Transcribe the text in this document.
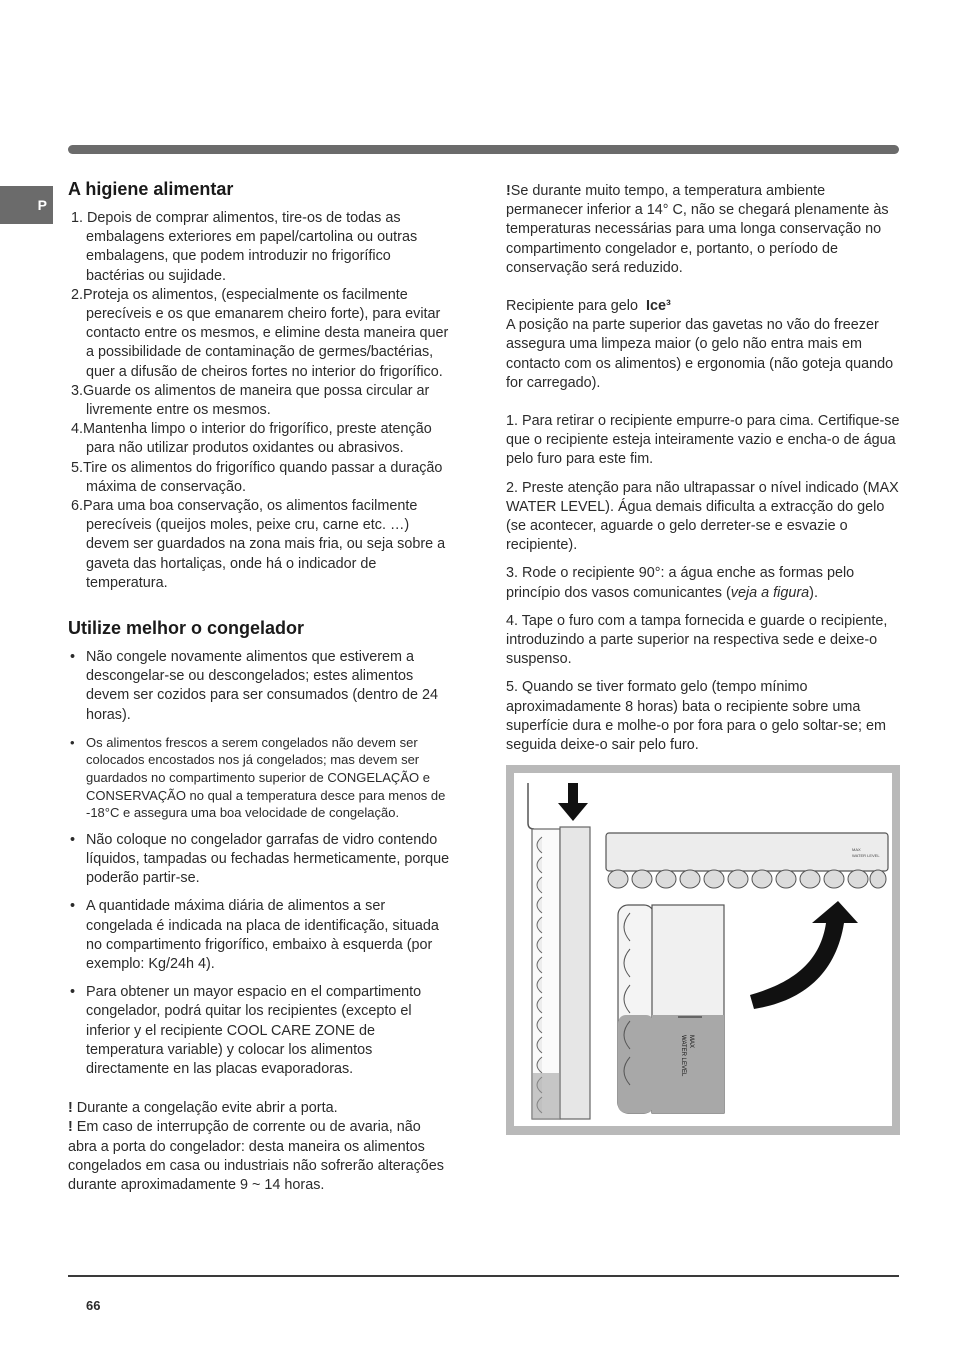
P
A higiene alimentar
1. Depois de comprar alimentos, tire-os de todas as embalagens exteriores em papel/cartolina ou outras embalagens, que podem introduzir no frigorífico bactérias ou sujidade.
2.Proteja os alimentos, (especialmente os facilmente perecíveis e os que emanarem cheiro forte), para evitar contacto entre os mesmos, e elimine desta maneira quer a possibilidade de contaminação de germes/bactérias, quer a difusão de cheiros fortes no interior do frigorífico.
3.Guarde os alimentos de maneira que possa circular ar livremente entre os mesmos.
4.Mantenha limpo o interior do frigorífico, preste atenção para não utilizar produtos oxidantes ou abrasivos.
5.Tire os alimentos do frigorífico quando passar a duração máxima de conservação.
6.Para uma boa conservação, os alimentos facilmente perecíveis (queijos moles, peixe cru, carne etc. …) devem ser guardados na zona mais fria, ou seja sobre a gaveta das hortaliças, onde há o indicador de temperatura.
Utilize melhor o congelador
• Não congele novamente alimentos que estiverem a descongelar-se ou descongelados; estes alimentos devem ser cozidos para ser consumados (dentro de 24 horas).
• Os alimentos frescos a serem congelados não devem ser colocados encostados nos já congelados; mas devem ser guardados no compartimento superior de CONGELAÇÃO e CONSERVAÇÃO no qual a temperatura desce para menos de -18°C e assegura uma boa velocidade de congelação.
• Não coloque no congelador garrafas de vidro contendo líquidos, tampadas ou fechadas hermeticamente, porque poderão partir-se.
• A quantidade máxima diária de alimentos a ser congelada é indicada na placa de identificação, situada no compartimento frigorífico, embaixo à esquerda (por exemplo: Kg/24h 4).
• Para obtener un mayor espacio en el compartimento congelador, podrá quitar los recipientes (excepto el inferior y el recipiente COOL CARE ZONE de temperatura variable) y colocar los alimentos directamente en las placas evaporadoras.

! Durante a congelação evite abrir a porta.

! Em caso de interrupção de corrente ou de avaria, não abra a porta do congelador: desta maneira os alimentos congelados em casa ou industriais não sofrerão alterações durante aproximadamente 9 ~ 14 horas.

!Se durante muito tempo, a temperatura ambiente permanecer inferior a 14° C, não se chegará plenamente às temperaturas necessárias para uma longa conservação no compartimento congelador e, portanto, o período de conservação será reduzido.

Recipiente para gelo Ice³

A posição na parte superior das gavetas no vão do freezer assegura uma limpeza maior (o gelo não entra mais em contacto com os alimentos) e ergonomia (não goteja quando for carregado).

1. Para retirar o recipiente empurre-o para cima. Certifique-se que o recipiente esteja inteiramente vazio e encha-o de água pelo furo para este fim.

2. Preste atenção para não ultrapassar o nível indicado (MAX WATER LEVEL). Água demais dificulta a extracção do gelo (se acontecer, aguarde o gelo derreter-se e esvazie o recipiente).

3. Rode o recipiente 90°: a água enche as formas pelo princípio dos vasos comunicantes (veja a figura).

4. Tape o furo com a tampa fornecida e guarde o recipiente, introduzindo a parte superior na respectiva sede e deixe-o suspenso.

5. Quando se tiver formato gelo (tempo mínimo aproximadamente 8 horas) bata o recipiente sobre uma superfície dura e molhe-o por fora para o gelo soltar-se; em seguida deixe-o sair pelo furo.

MAX
WATER LEVEL
MAX
WATER LEVEL
66
